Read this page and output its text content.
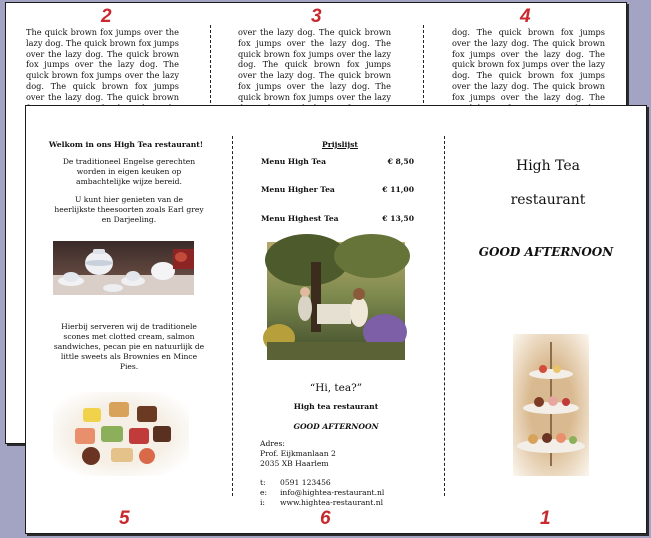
2	3	4

The quick brown fox jumps over the lazy dog. The quick brown fox jumps over the lazy dog. The quick brown fox jumps over the lazy dog. The quick brown fox jumps over the lazy dog. The quick brown fox jumps over the lazy dog. The quick brown

over the lazy dog. The quick brown fox jumps over the lazy dog. The quick brown fox jumps over the lazy dog. The quick brown fox jumps over the lazy dog. The quick brown fox jumps over the lazy dog. The quick brown fox jumps over the lazy

dog. The quick brown fox jumps over the lazy dog. The quick brown fox jumps over the lazy dog. The quick brown fox jumps over the lazy dog. The quick brown fox jumps over the lazy dog. The quick brown fox jumps over the lazy dog. The

Welkom in ons High Tea restaurant!

De traditioneel Engelse gerechten worden in eigen keuken op ambachtelijke wijze bereid.

U kunt hier genieten van de heerlijkste theesoorten zoals Earl grey en Darjeeling.

Hierbij serveren wij de traditionele scones met clotted cream, salmon sandwiches, pecan pie en natuurlijk de little sweets als Brownies en Mince Pies.

5
Prijslijst
Menu High Tea	€ 8,50
Menu Higher Tea	€ 11,00
Menu Highest Tea	€ 13,50
“Hi, tea?”
High tea restaurant
GOOD AFTERNOON
Adres:
Prof. Eijkmanlaan 2
2035 XB Haarlem
t: 0591 123456
e: info@hightea-restaurant.nl
i: www.hightea-restaurant.nl
6
High Tea
restaurant
GOOD AFTERNOON
1
